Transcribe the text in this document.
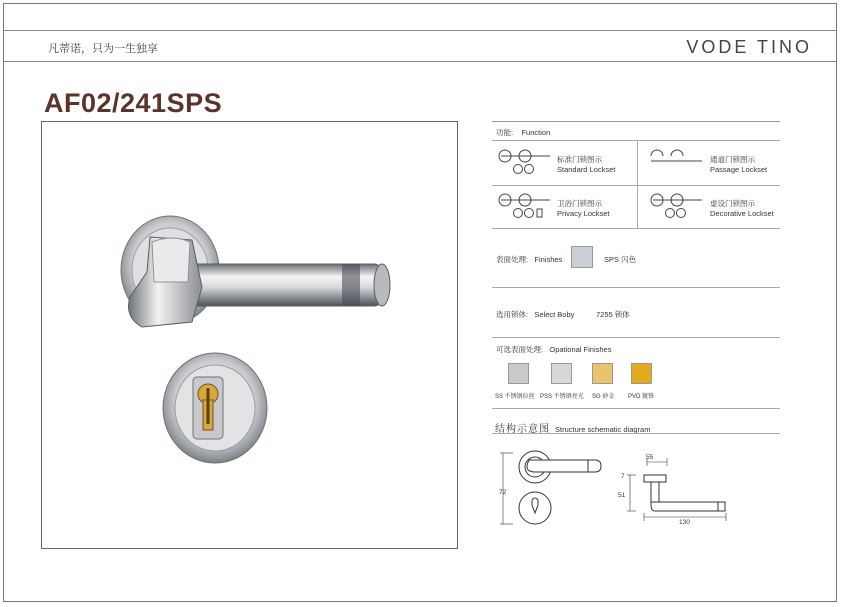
凡蒂诺，只为一生独享	VODE TINO
AF02/241SPS
功能: Function
标准门锁图示
Standard Lockset
通道门锁图示
Passage Lockset
卫浴门锁图示
Privacy Lockset
虚设门锁图示
Decorative Lockset
表面处理: Finishes	SPS 闪色
选用锁体: Select Boby	7255 锁体
可选表面处理: Opational Finishes
SS 不锈钢拉丝 PSS 不锈钢亮光 SG 砂金 PVD 镀铬
结构示意图 Structure schematic diagram
72
55
7
51
130
